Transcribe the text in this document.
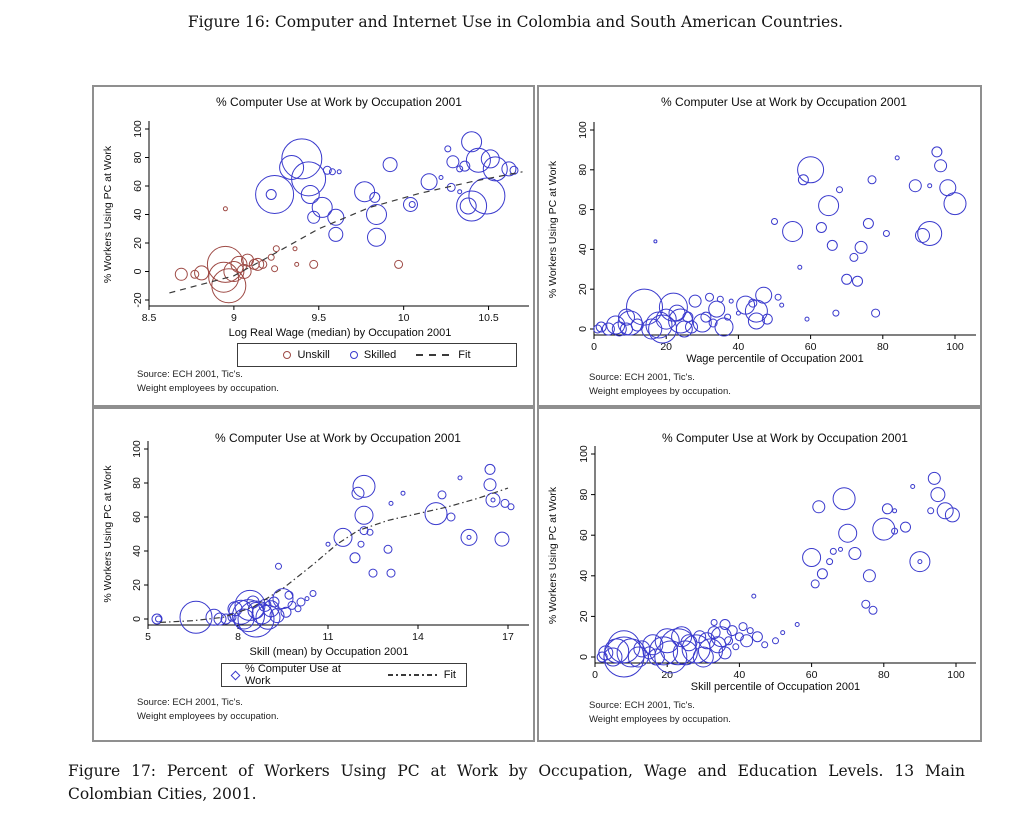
Figure 16: Computer and Internet Use in Colombia and South American Countries.
% Computer Use at Work by Occupation 2001
8.5	9	9.5	10	10.5
-20
0
20
40
60
80
100
% Workers Using PC at Work
Log Real Wage (median) by Occupation 2001
Unskill	Skilled	Fit
Source: ECH 2001, Tic's.
Weight employees by occupation.
% Computer Use at Work by Occupation 2001
0	20	40	60	80	100
0
20
40
60
80
100
% Workers Using PC at Work
Wage percentile of Occupation 2001
Source: ECH 2001, Tic's.
Weight employees by occupation.
% Computer Use at Work by Occupation 2001
5	8	11	14	17
0
20
40
60
80
100
% Workers Using PC at Work
Skill (mean) by Occupation 2001
% Computer Use at Work	Fit
Source: ECH 2001, Tic's.
Weight employees by occupation.
% Computer Use at Work by Occupation 2001
0	20	40	60	80	100
0
20
40
60
80
100
% Workers Using PC at Work
Skill percentile of Occupation 2001
Source: ECH 2001, Tic's.
Weight employees by occupation.
Figure 17: Percent of Workers Using PC at Work by Occupation, Wage and Education Levels. 13 Main
Colombian Cities, 2001.
